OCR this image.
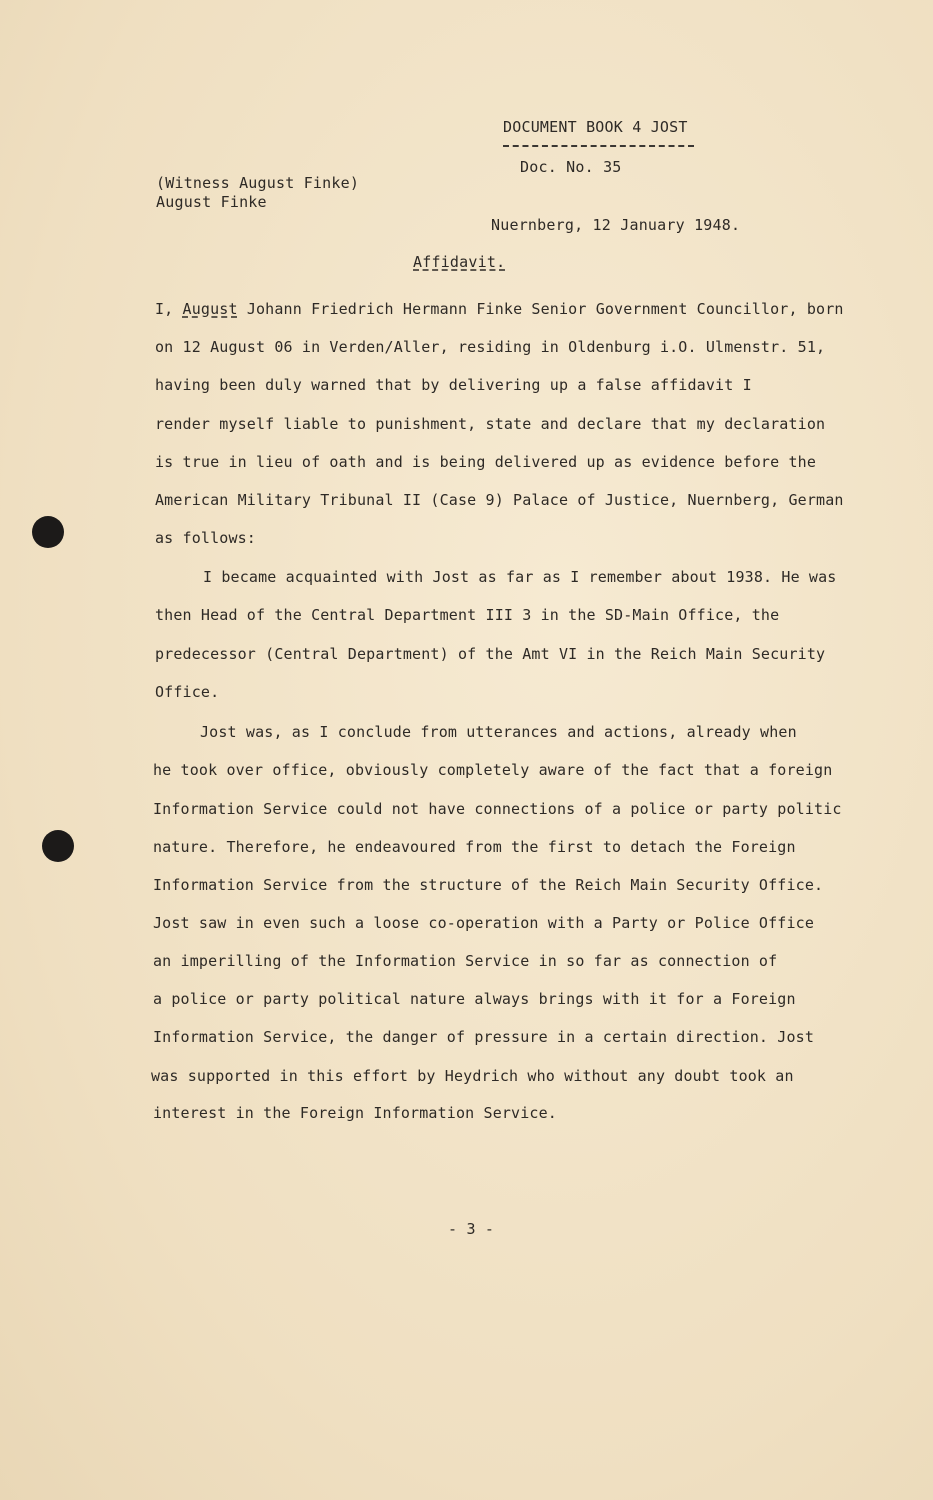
DOCUMENT BOOK 4 JOST
Doc. No. 35
(Witness August Finke)
August Finke
Nuernberg, 12 January 1948.
Affidavit.
I, August Johann Friedrich Hermann Finke Senior Government Councillor, born
on 12 August 06 in Verden/Aller, residing in Oldenburg i.O. Ulmenstr. 51,
having been duly warned that by delivering up a false affidavit I
render myself liable to punishment, state and declare that my declaration
is true in lieu of oath and is being delivered up as evidence before the
American Military Tribunal II (Case 9) Palace of Justice, Nuernberg, German
as follows:
I became acquainted with Jost as far as I remember about 1938. He was
then Head of the Central Department III 3 in the SD-Main Office, the
predecessor (Central Department) of the Amt VI in the Reich Main Security
Office.
Jost was, as I conclude from utterances and actions, already when
he took over office, obviously completely aware of the fact that a foreign
Information Service could not have connections of a police or party politic
nature. Therefore, he endeavoured from the first to detach the Foreign
Information Service from the structure of the Reich Main Security Office.
Jost saw in even such a loose co-operation with a Party or Police Office
an imperilling of the Information Service in so far as connection of
a police or party political nature always brings with it for a Foreign
Information Service, the danger of pressure in a certain direction. Jost
was supported in this effort by Heydrich who without any doubt took an
interest in the Foreign Information Service.
- 3 -
